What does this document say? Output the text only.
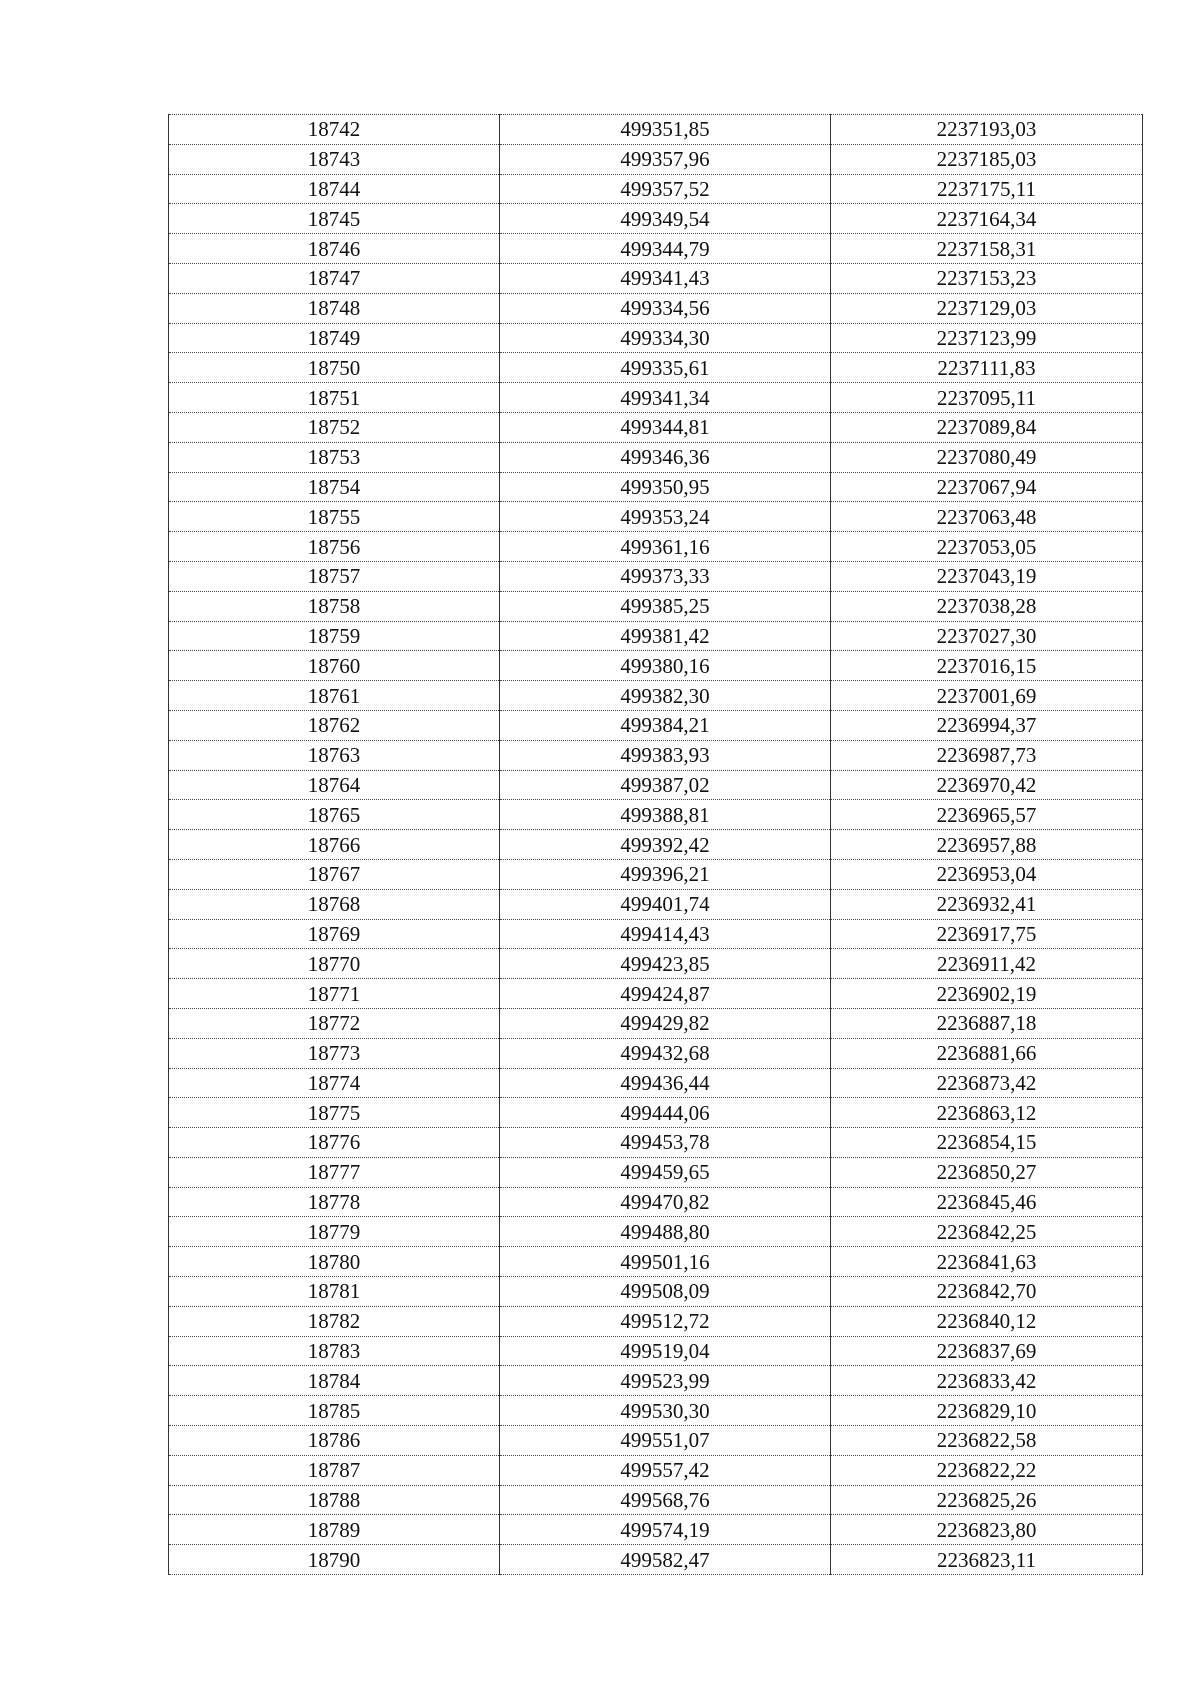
18742	499351,85	2237193,03
18743	499357,96	2237185,03
18744	499357,52	2237175,11
18745	499349,54	2237164,34
18746	499344,79	2237158,31
18747	499341,43	2237153,23
18748	499334,56	2237129,03
18749	499334,30	2237123,99
18750	499335,61	2237111,83
18751	499341,34	2237095,11
18752	499344,81	2237089,84
18753	499346,36	2237080,49
18754	499350,95	2237067,94
18755	499353,24	2237063,48
18756	499361,16	2237053,05
18757	499373,33	2237043,19
18758	499385,25	2237038,28
18759	499381,42	2237027,30
18760	499380,16	2237016,15
18761	499382,30	2237001,69
18762	499384,21	2236994,37
18763	499383,93	2236987,73
18764	499387,02	2236970,42
18765	499388,81	2236965,57
18766	499392,42	2236957,88
18767	499396,21	2236953,04
18768	499401,74	2236932,41
18769	499414,43	2236917,75
18770	499423,85	2236911,42
18771	499424,87	2236902,19
18772	499429,82	2236887,18
18773	499432,68	2236881,66
18774	499436,44	2236873,42
18775	499444,06	2236863,12
18776	499453,78	2236854,15
18777	499459,65	2236850,27
18778	499470,82	2236845,46
18779	499488,80	2236842,25
18780	499501,16	2236841,63
18781	499508,09	2236842,70
18782	499512,72	2236840,12
18783	499519,04	2236837,69
18784	499523,99	2236833,42
18785	499530,30	2236829,10
18786	499551,07	2236822,58
18787	499557,42	2236822,22
18788	499568,76	2236825,26
18789	499574,19	2236823,80
18790	499582,47	2236823,11
